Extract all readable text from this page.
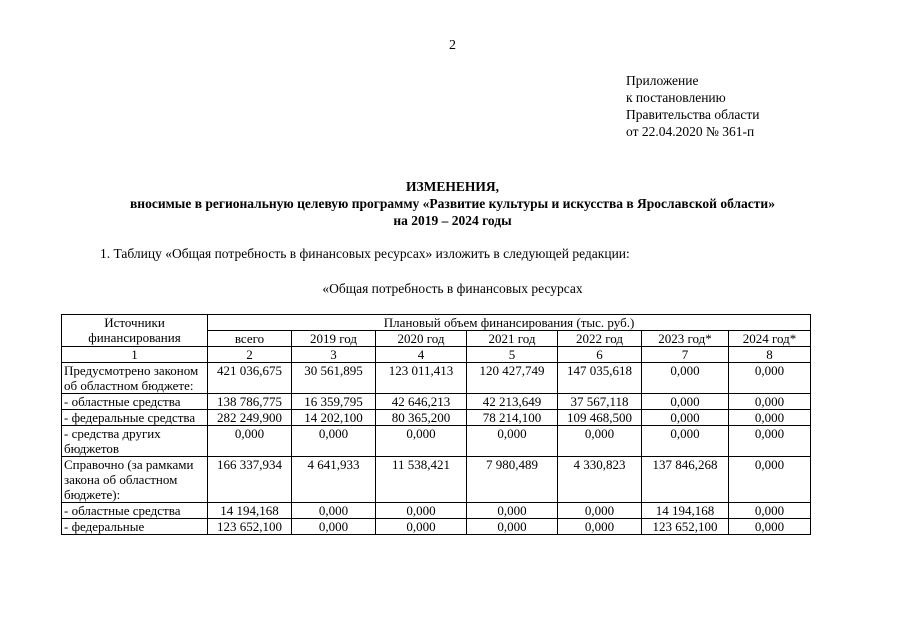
2
Приложение
к постановлению
Правительства области
от 22.04.2020 № 361-п
ИЗМЕНЕНИЯ,
вносимые в региональную целевую программу «Развитие культуры и искусства в Ярославской области»
на 2019 – 2024 годы
1. Таблицу «Общая потребность в финансовых ресурсах» изложить в следующей редакции:
«Общая потребность в финансовых ресурсах
Источники финансирования	Плановый объем финансирования (тыс. руб.)						
	всего	2019 год	2020 год	2021 год	2022 год	2023 год*	2024 год*
1	2	3	4	5	6	7	8
Предусмотрено законом об областном бюджете:	421 036,675	30 561,895	123 011,413	120 427,749	147 035,618	0,000	0,000
- областные средства	138 786,775	16 359,795	42 646,213	42 213,649	37 567,118	0,000	0,000
- федеральные средства	282 249,900	14 202,100	80 365,200	78 214,100	109 468,500	0,000	0,000
- средства других бюджетов	0,000	0,000	0,000	0,000	0,000	0,000	0,000
Справочно (за рамками закона об областном бюджете):	166 337,934	4 641,933	11 538,421	7 980,489	4 330,823	137 846,268	0,000
- областные средства	14 194,168	0,000	0,000	0,000	0,000	14 194,168	0,000
- федеральные	123 652,100	0,000	0,000	0,000	0,000	123 652,100	0,000
